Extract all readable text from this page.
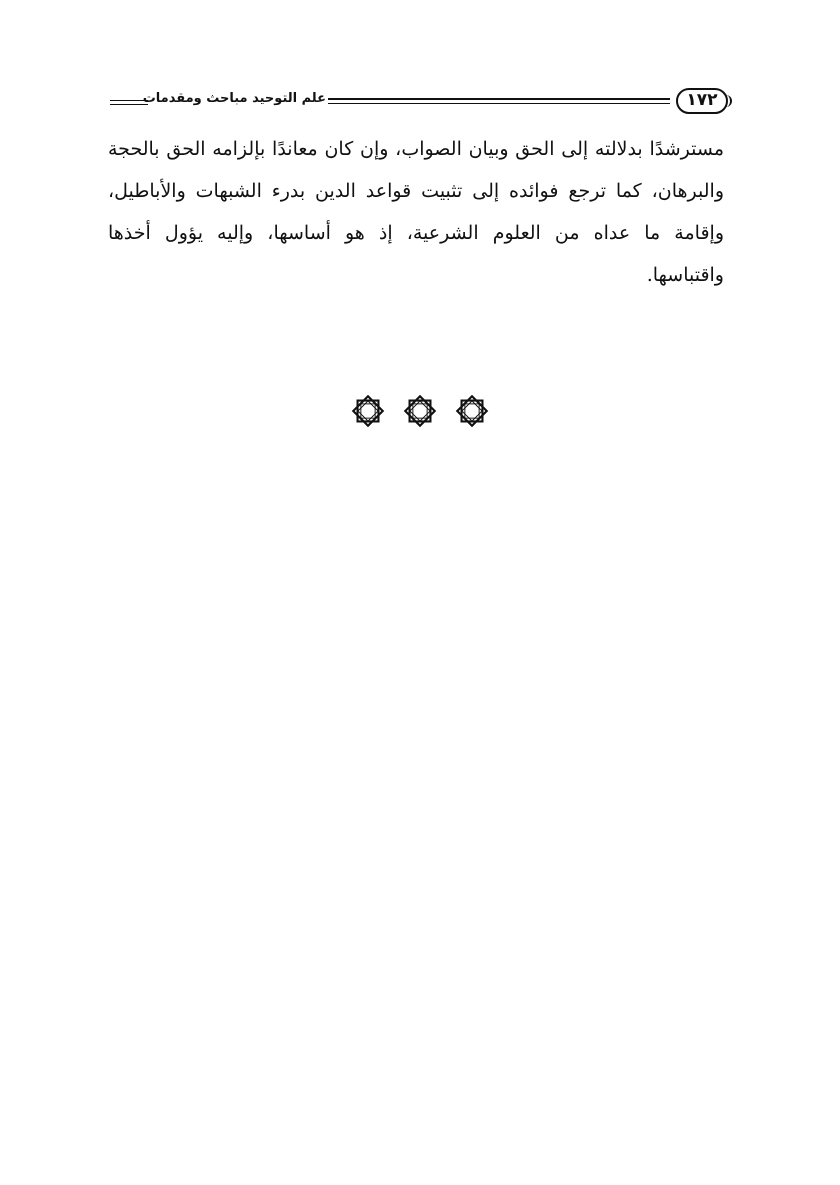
علم التوحيد مباحث ومقدمات	١٧٢

مسترشدًا بدلالته إلى الحق وبيان الصواب، وإن كان معاندًا بإلزامه الحق بالحجة
والبرهان، كما ترجع فوائده إلى تثبيت قواعد الدين بدرء الشبهات والأباطيل،
وإقامة ما عداه من العلوم الشرعية، إذ هو أساسها، وإليه يؤول أخذها
واقتباسها.
